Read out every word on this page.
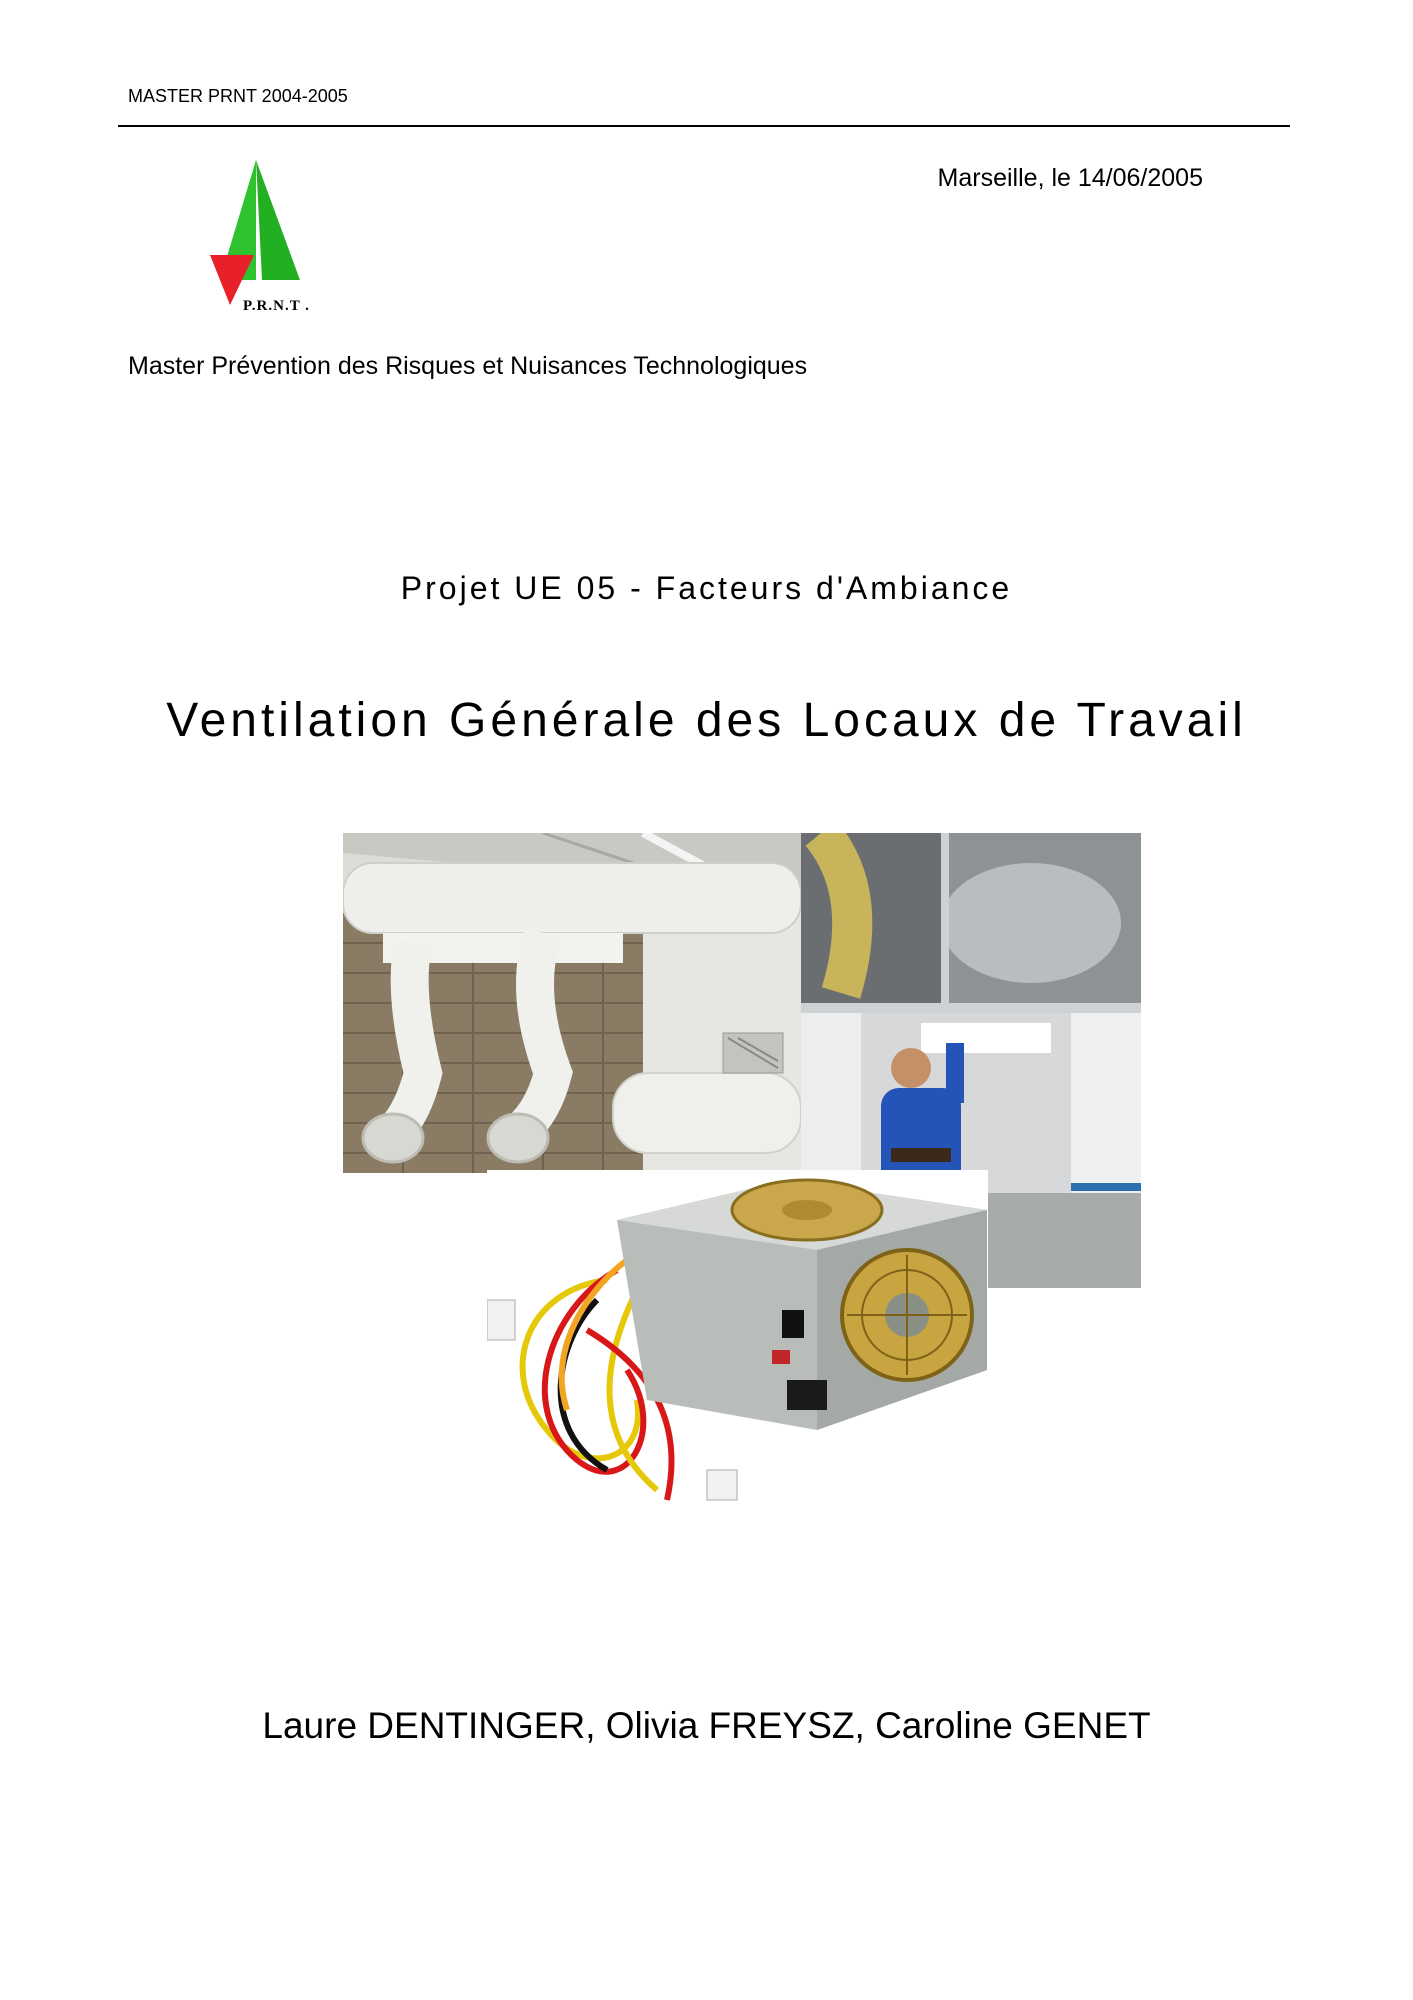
MASTER PRNT 2004-2005
P.R.N.T .
Marseille, le 14/06/2005
Master Prévention des Risques et Nuisances Technologiques
Projet UE 05 - Facteurs d'Ambiance
Ventilation Générale des Locaux de Travail
Laure DENTINGER, Olivia FREYSZ, Caroline GENET
